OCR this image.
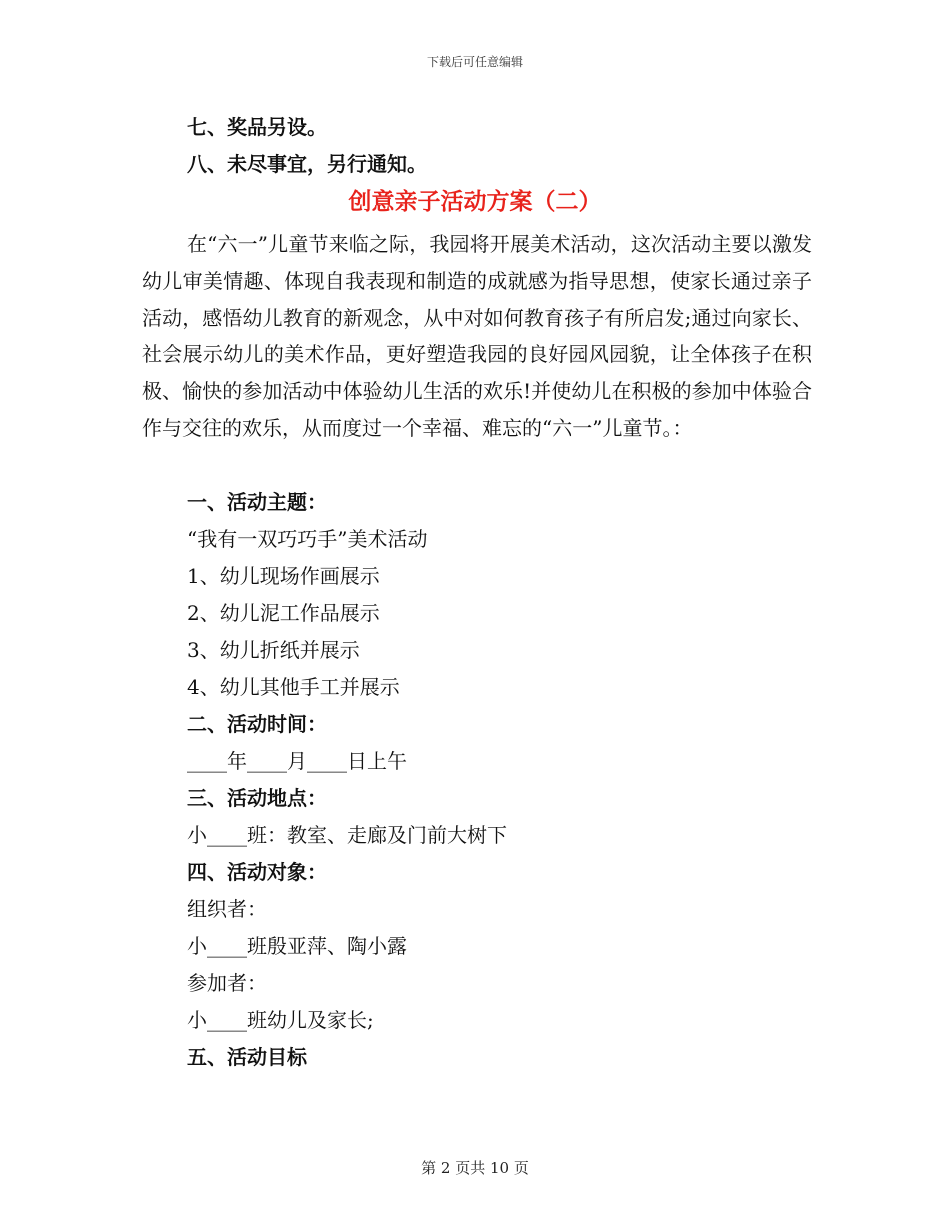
下载后可任意编辑
七、奖品另设。
八、未尽事宜，另行通知。
创意亲子活动方案（二）
在“六一”儿童节来临之际，我园将开展美术活动，这次活动主要以激发幼儿审美情趣、体现自我表现和制造的成就感为指导思想，使家长通过亲子活动，感悟幼儿教育的新观念，从中对如何教育孩子有所启发;通过向家长、社会展示幼儿的美术作品，更好塑造我园的良好园风园貌，让全体孩子在积极、愉快的参加活动中体验幼儿生活的欢乐!并使幼儿在积极的参加中体验合作与交往的欢乐，从而度过一个幸福、难忘的“六一”儿童节。：
一、活动主题：
“我有一双巧巧手”美术活动
1、幼儿现场作画展示
2、幼儿泥工作品展示
3、幼儿折纸并展示
4、幼儿其他手工并展示
二、活动时间：
____年____月____日上午
三、活动地点：
小____班：教室、走廊及门前大树下
四、活动对象：
组织者：
小____班殷亚萍、陶小露
参加者：
小____班幼儿及家长;
五、活动目标
第 2 页共 10 页
